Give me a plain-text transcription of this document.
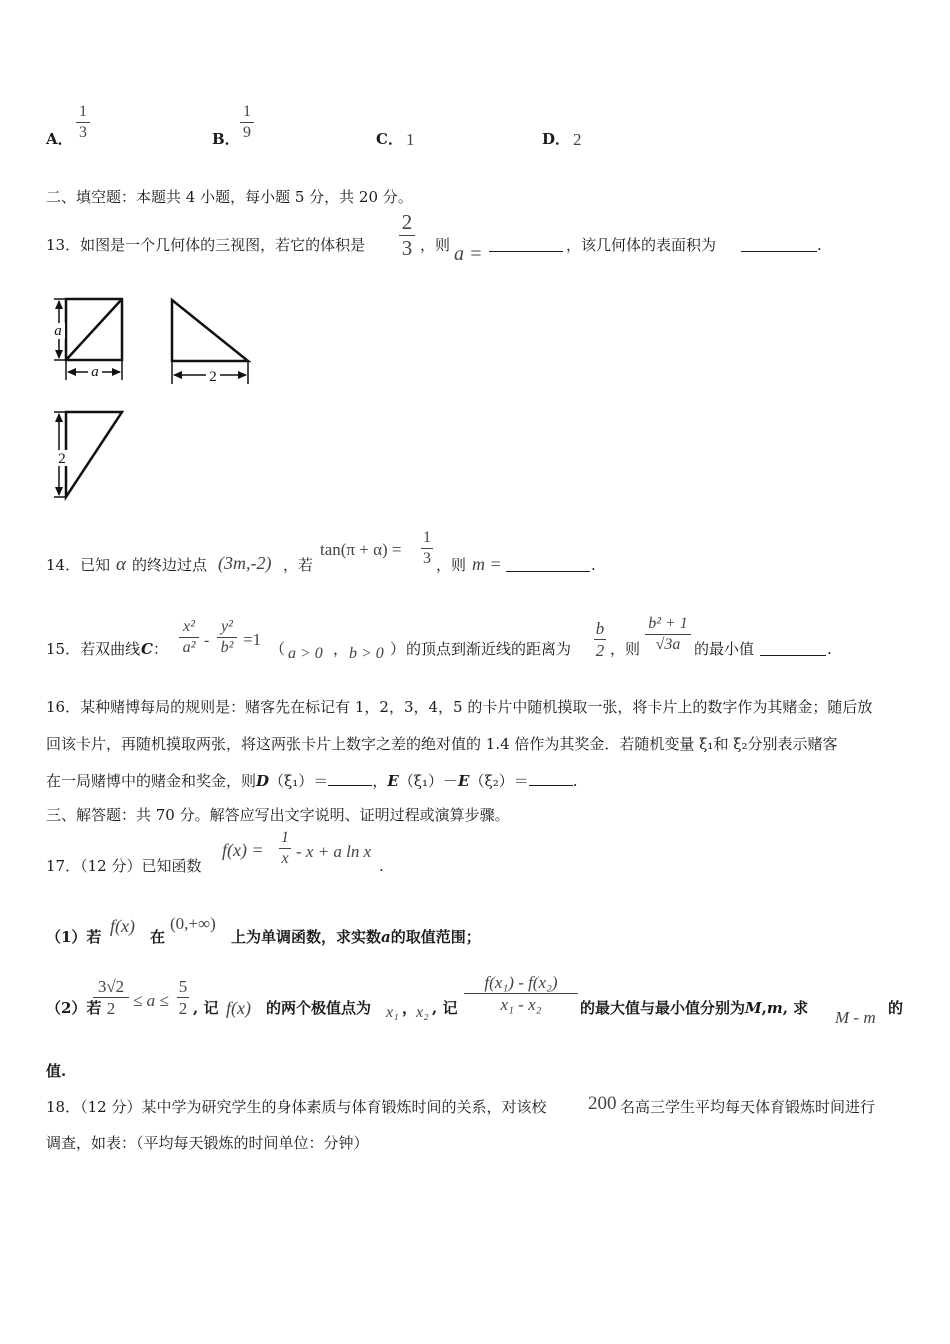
A．
1
3	B．
1
9	C． 1	D． 2
二、填空题：本题共 4 小题，每小题 5 分，共 20 分。
13．如图是一个几何体的三视图，若它的体积是
2
3 ，则 a =	，该几何体的表面积为	.
a
a	2
2
14．已知 α 的终边过点 (3m,-2) ，若
tan(π + α) =
1
3 ，则 m =	.
15．若双曲线 C ：
x²
a² -
y²
b² =1 （ a > 0 ， b > 0 ） 的顶点到渐近线的距离为
b
2 ，则
b² + 1
√3a 的最小值	.
16．某种赌博每局的规则是：赌客先在标记有 1，2，3，4，5 的卡片中随机摸取一张，将卡片上的数字作为其赌金；随后放
回该卡片，再随机摸取两张，将这两张卡片上数字之差的绝对值的 1.4 倍作为其奖金．若随机变量 ξ₁和 ξ₂分别表示赌客
在一局赌博中的赌金和奖金，则D（ξ₁）＝	，E（ξ₁）－E（ξ₂）＝	.
三、解答题：共 70 分。解答应写出文字说明、证明过程或演算步骤。
17．（12 分）已知函数
f(x) =
1
x - x + a ln x
.
（1）若
f(x)
在
(0,+∞)
上为单调函数，求实数a的取值范围；
（2）若
3√2
2	≤ a ≤
5
2 , 记 f(x) 的两个极值点为 x₁ ，
x₂ , 记
f(x₁) - f(x₂)
x₁ - x₂	的最大值与最小值分别为M,m, 求 M - m 的
值.
18．（12 分）某中学为研究学生的身体素质与体育锻炼时间的关系，对该校 200 名高三学生平均每天体育锻炼时间进行
调查，如表：（平均每天锻炼的时间单位：分钟）
